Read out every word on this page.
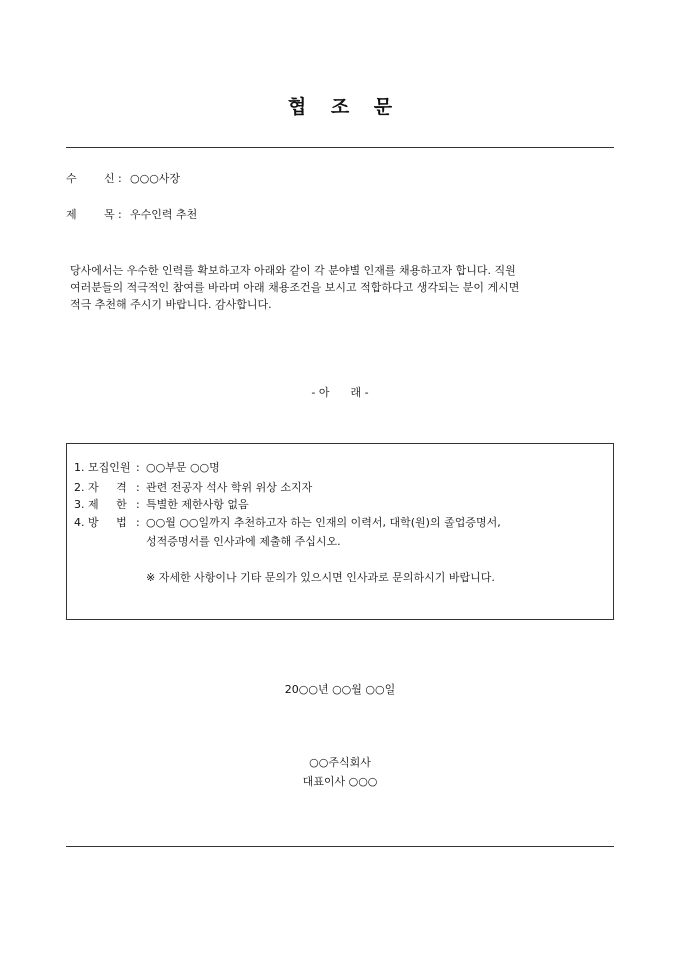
협 조 문
수 신 : ○○○사장
제 목 : 우수인력 추천
당사에서는 우수한 인력를 확보하고자 아래와 같이 각 분야별 인재를 채용하고자 합니다. 직원
여러분들의 적극적인 참여를 바라며 아래 채용조건을 보시고 적합하다고 생각되는 분이 게시면
적극 추천해 주시기 바랍니다. 감사합니다.
- 아      래 -
1. 모집인원 : ○○부문 ○○명
2. 자     격 : 관련 전공자 석사 학위 위상 소지자
3. 제     한 : 특별한 제한사항 없음
4. 방     법 : ○○월 ○○일까지 추천하고자 하는 인재의 이력서, 대학(원)의 졸업증명서,
성적증명서를 인사과에 제출해 주십시오.
※ 자세한 사항이나 기타 문의가 있으시면 인사과로 문의하시기 바랍니다.
20○○년 ○○월 ○○일
○○주식회사
대표이사 ○○○
